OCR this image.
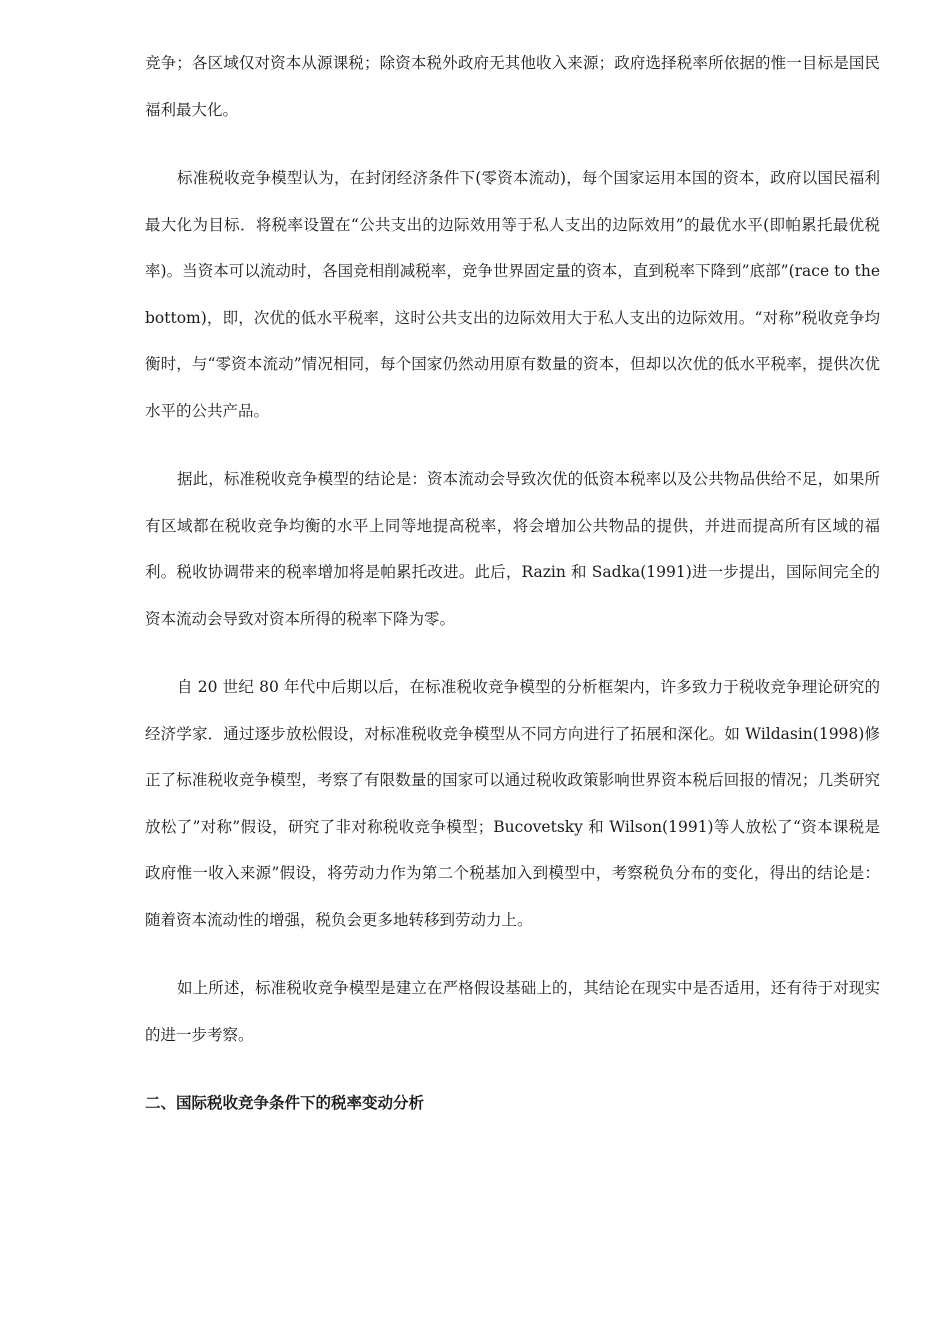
竞争；各区域仅对资本从源课税；除资本税外政府无其他收入来源；政府选择税率所依据的惟一目标是国民福利最大化。

标准税收竞争模型认为，在封闭经济条件下(零资本流动)，每个国家运用本国的资本，政府以国民福利最大化为目标．将税率设置在“公共支出的边际效用等于私人支出的边际效用”的最优水平(即帕累托最优税率)。当资本可以流动时，各国竞相削减税率，竞争世界固定量的资本，直到税率下降到”底部”(race to the bottom)，即，次优的低水平税率，这时公共支出的边际效用大于私人支出的边际效用。“对称”税收竞争均衡时，与“零资本流动”情况相同，每个国家仍然动用原有数量的资本，但却以次优的低水平税率，提供次优水平的公共产品。

据此，标准税收竞争模型的结论是：资本流动会导致次优的低资本税率以及公共物品供给不足，如果所有区域都在税收竞争均衡的水平上同等地提高税率，将会增加公共物品的提供，并进而提高所有区域的福利。税收协调带来的税率增加将是帕累托改进。此后，Razin 和 Sadka(1991)进一步提出，国际间完全的资本流动会导致对资本所得的税率下降为零。

自 20 世纪 80 年代中后期以后，在标准税收竞争模型的分析框架内，许多致力于税收竞争理论研究的经济学家．通过逐步放松假设，对标准税收竞争模型从不同方向进行了拓展和深化。如 Wildasin(1998)修正了标准税收竞争模型，考察了有限数量的国家可以通过税收政策影响世界资本税后回报的情况；几类研究放松了”对称”假设，研究了非对称税收竞争模型；Bucovetsky 和 Wilson(1991)等人放松了“资本课税是政府惟一收入来源”假设，将劳动力作为第二个税基加入到模型中，考察税负分布的变化，得出的结论是：随着资本流动性的增强，税负会更多地转移到劳动力上。

如上所述，标准税收竞争模型是建立在严格假设基础上的，其结论在现实中是否适用，还有待于对现实的进一步考察。

二、国际税收竞争条件下的税率变动分析
